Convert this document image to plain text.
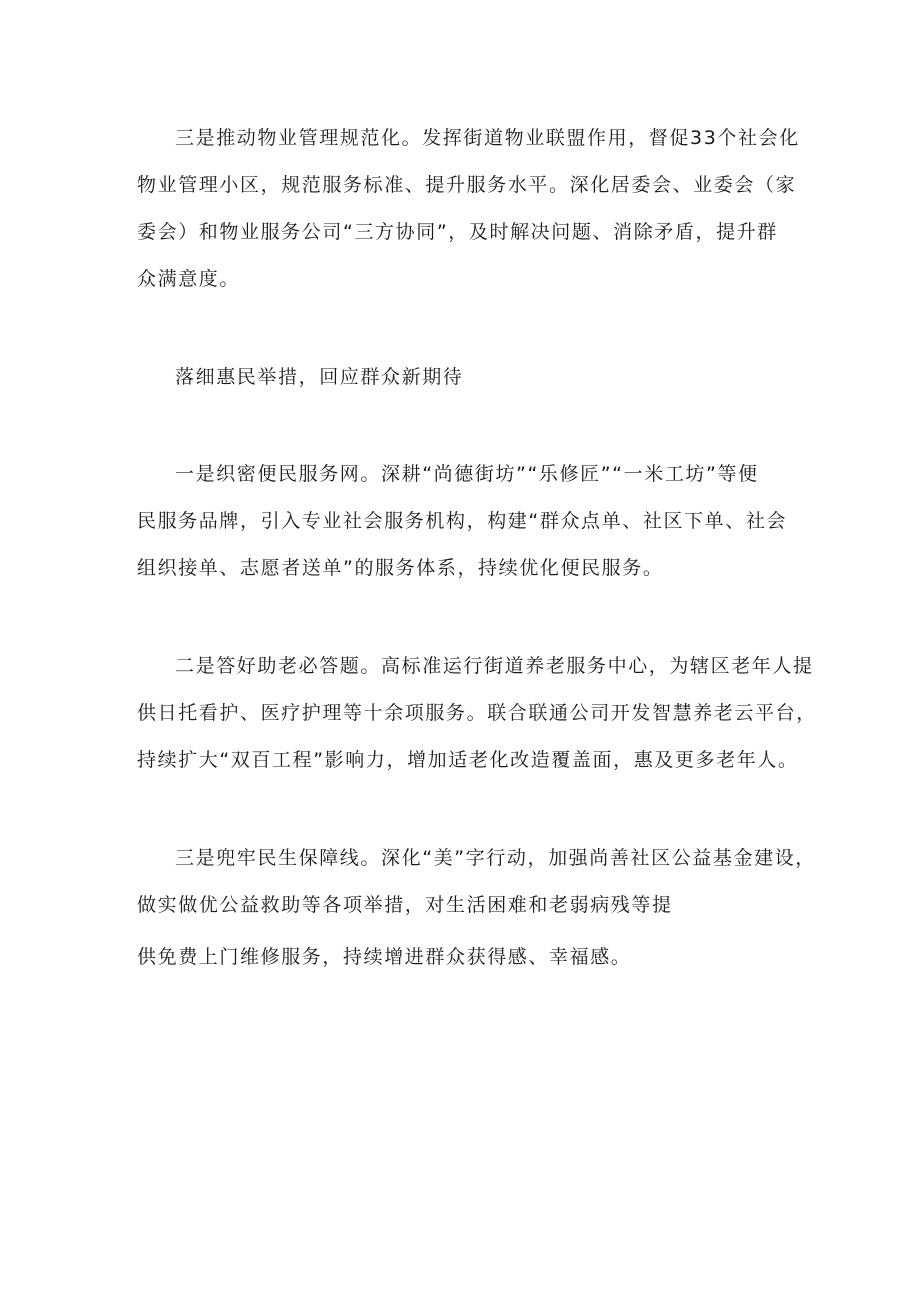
三是推动物业管理规范化。发挥街道物业联盟作用，督促33个社会化

物业管理小区，规范服务标准、提升服务水平。深化居委会、业委会（家

委会）和物业服务公司“三方协同”，及时解决问题、消除矛盾，提升群

众满意度。

落细惠民举措，回应群众新期待

一是织密便民服务网。深耕“尚德街坊”“乐修匠”“一米工坊”等便

民服务品牌，引入专业社会服务机构，构建“群众点单、社区下单、社会

组织接单、志愿者送单”的服务体系，持续优化便民服务。

二是答好助老必答题。高标准运行街道养老服务中心，为辖区老年人提

供日托看护、医疗护理等十余项服务。联合联通公司开发智慧养老云平台，

持续扩大“双百工程”影响力，增加适老化改造覆盖面，惠及更多老年人。

三是兜牢民生保障线。深化“美”字行动，加强尚善社区公益基金建设，

做实做优公益救助等各项举措，对生活困难和老弱病残等提

供免费上门维修服务，持续增进群众获得感、幸福感。
